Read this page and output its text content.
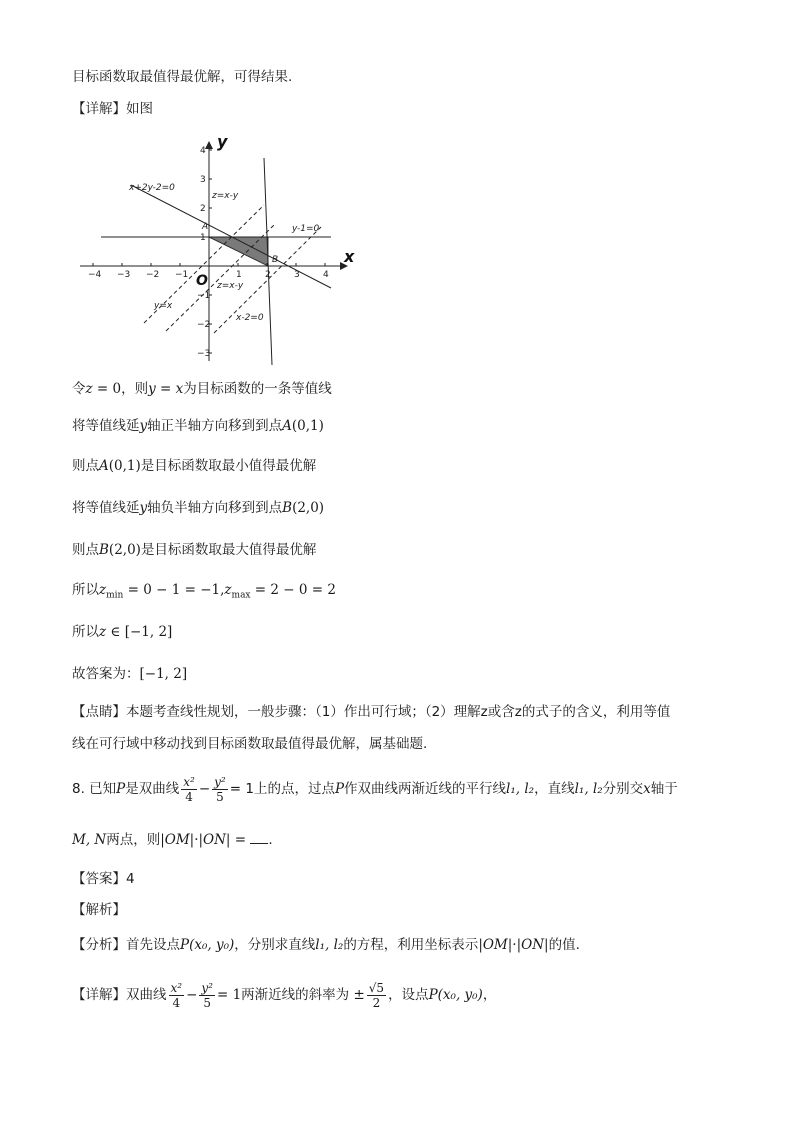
目标函数取最值得最优解，可得结果.
【详解】如图
−4 −3 −2 −1	1	2	3	4
4
3
2
1
−1
−2
−3
x
y
O
x+2y-2=0
z=x-y
y-1=0
z=x-y
y=x
x-2=0
A
B
令z = 0，则y = x为目标函数的一条等值线
将等值线延y轴正半轴方向移到到点A(0,1)
则点A(0,1)是目标函数取最小值得最优解
将等值线延y轴负半轴方向移到到点B(2,0)
则点B(2,0)是目标函数取最大值得最优解
所以$z_{min} = 0 - 1 = -1,z_{max} = 2 - 0 = 2$
所以z ∈ [−1, 2]
故答案为：[−1, 2]
【点睛】本题考查线性规划，一般步骤：（1）作出可行域；（2）理解z或含z的式子的含义，利用等值
线在可行域中移动找到目标函数取最值得最优解，属基础题.
8. 已知P是双曲线 $\frac{\text{x²}}{4} - \frac{\text{y²}}{5} = 1$上的点，过点P作双曲线两渐近线的平行线l₁, l₂，直线l₁, l₂分别交x轴于
M, N两点，则|OM|·|ON| = .
【答案】4
【解析】
【分析】首先设点P(x₀, y₀)，分别求直线l₁, l₂的方程，利用坐标表示|OM|·|ON|的值.
【详解】双曲线 $\frac{\text{x²}}{4} - \frac{\text{y²}}{5} = 1$两渐近线的斜率为 ± $\frac{√5}{2}$ ，设点P(x₀, y₀)，
